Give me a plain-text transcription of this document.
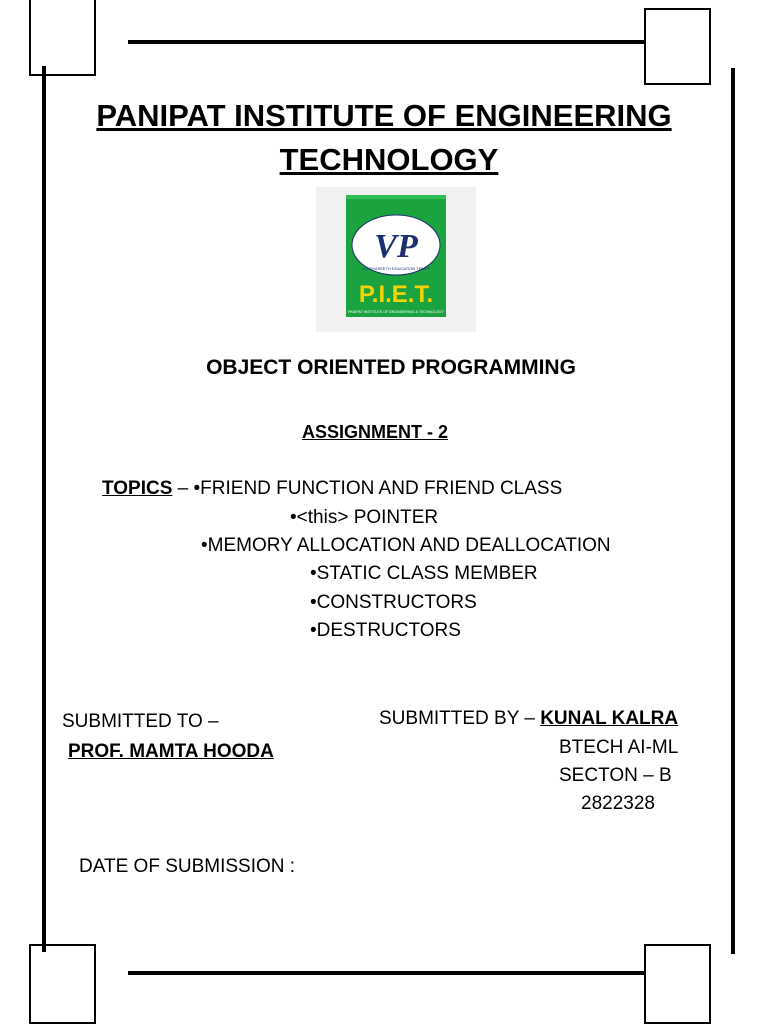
PANIPAT INSTITUTE OF ENGINEERING
TECHNOLOGY
VP
A VIDYAPEETH EDUCATION TRUST
P.I.E.T.
PANIPAT INSTITUTE OF ENGINEERING & TECHNOLOGY
OBJECT ORIENTED PROGRAMMING
ASSIGNMENT - 2
TOPICS – •FRIEND FUNCTION AND FRIEND CLASS
•<this> POINTER
•MEMORY ALLOCATION AND DEALLOCATION
•STATIC CLASS MEMBER
•CONSTRUCTORS
•DESTRUCTORS
SUBMITTED TO –
PROF. MAMTA HOODA
SUBMITTED BY – KUNAL KALRA
BTECH AI-ML
SECTON – B
2822328
DATE OF SUBMISSION :
